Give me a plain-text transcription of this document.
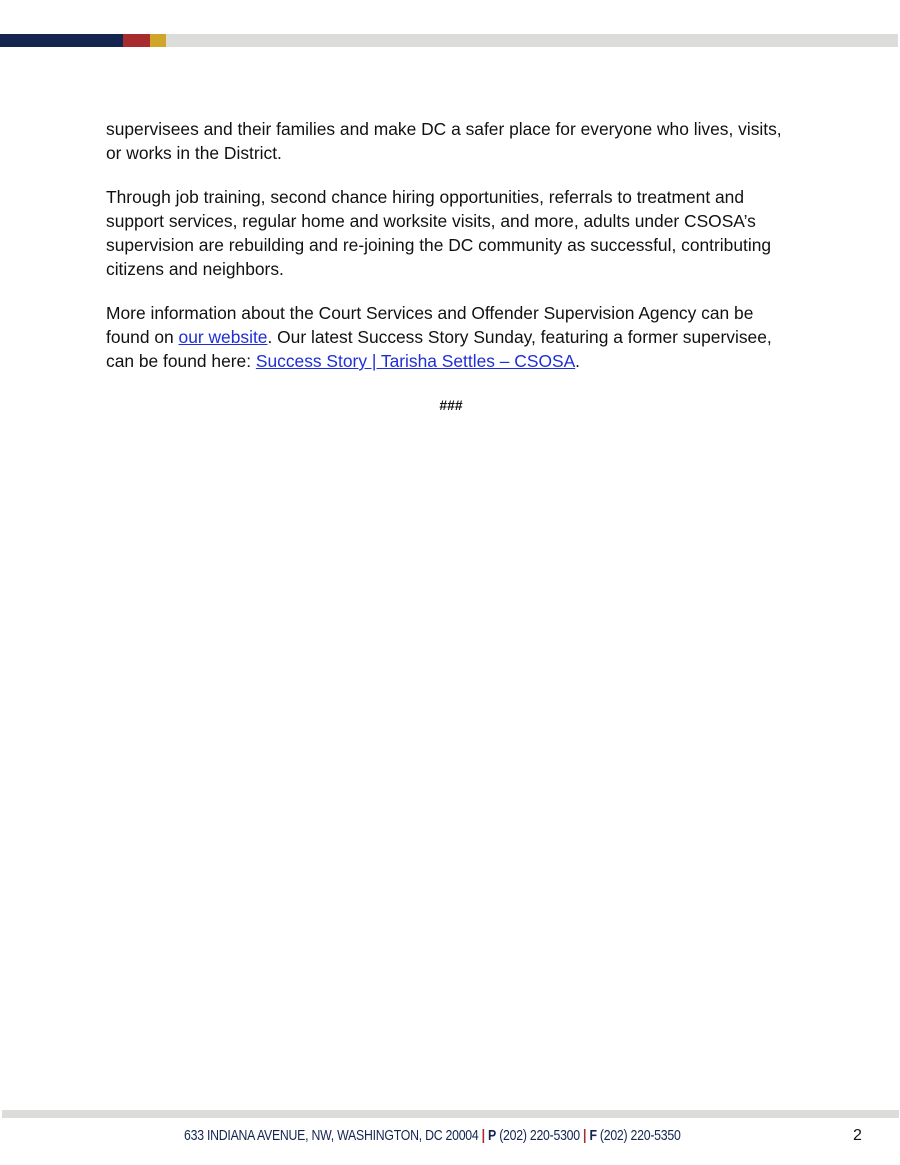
supervisees and their families and make DC a safer place for everyone who lives, visits, or works in the District.

Through job training, second chance hiring opportunities, referrals to treatment and support services, regular home and worksite visits, and more, adults under CSOSA’s supervision are rebuilding and re-joining the DC community as successful, contributing citizens and neighbors.

More information about the Court Services and Offender Supervision Agency can be found on our website. Our latest Success Story Sunday, featuring a former supervisee, can be found here: Success Story | Tarisha Settles – CSOSA.

###
633 INDIANA AVENUE, NW, WASHINGTON, DC 20004 | P (202) 220-5300 | F (202) 220-5350	2
